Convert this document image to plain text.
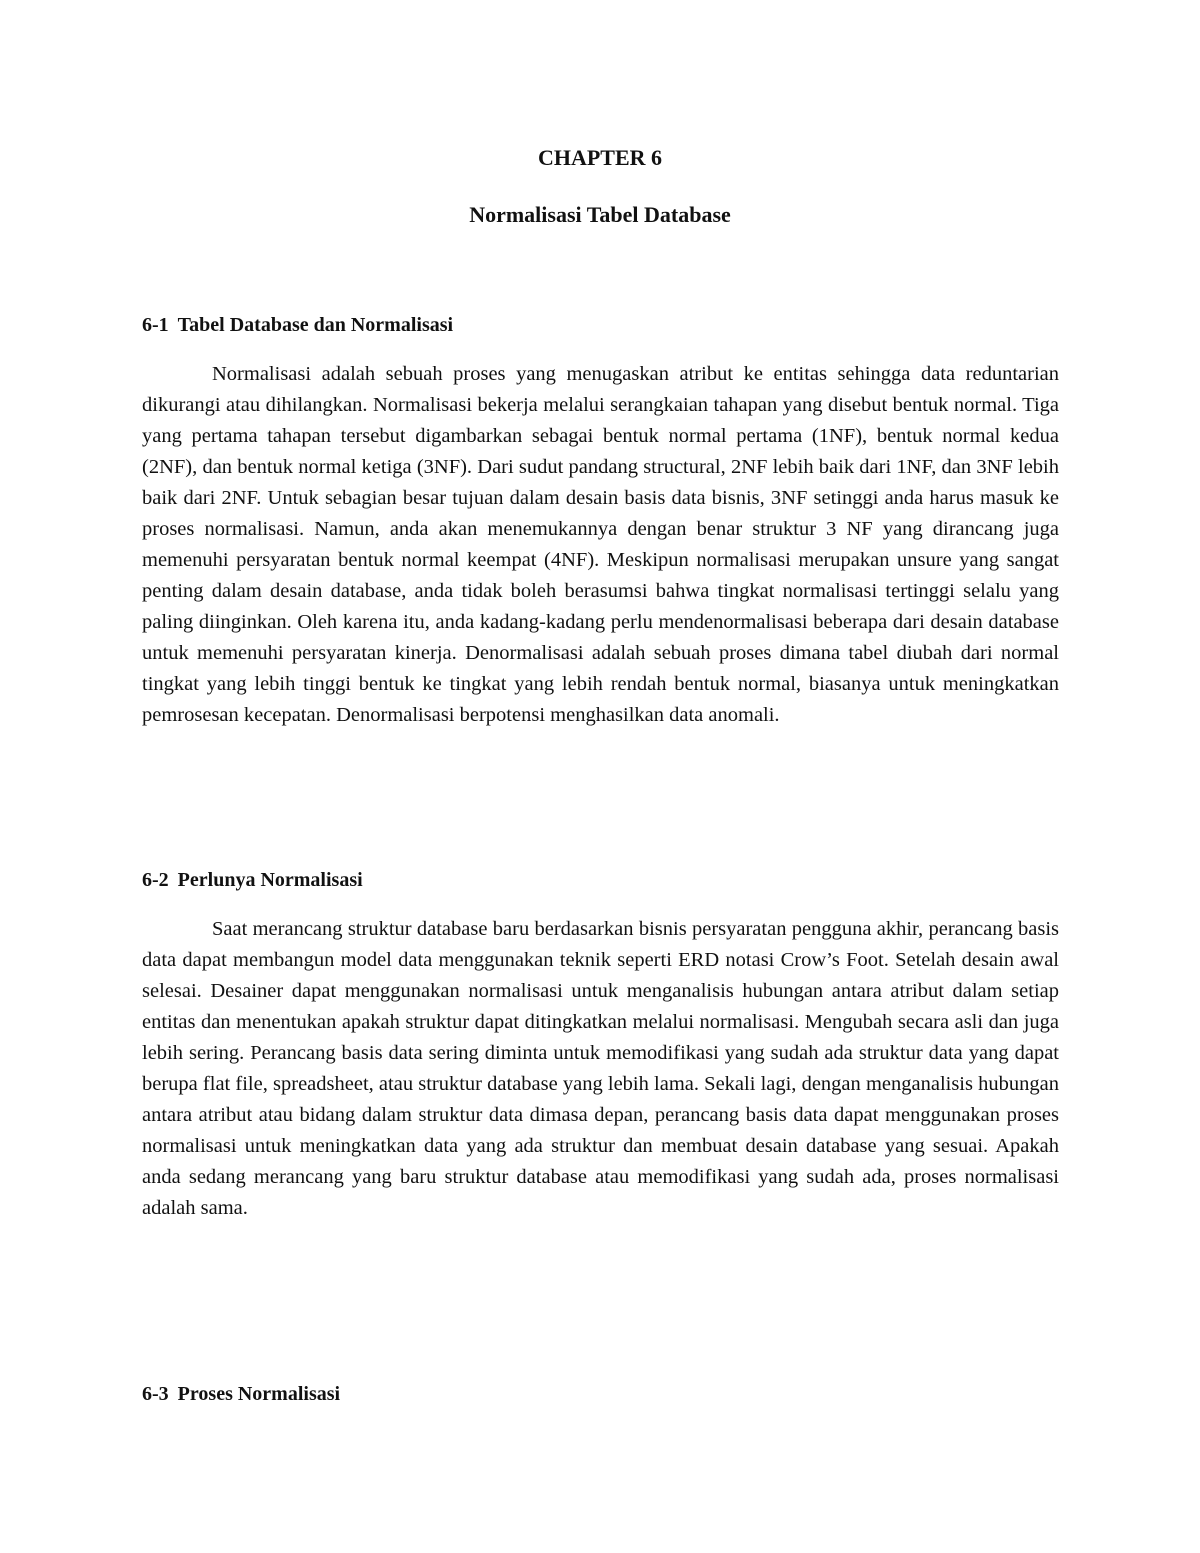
CHAPTER 6
Normalisasi Tabel Database
6-1 Tabel Database dan Normalisasi

Normalisasi adalah sebuah proses yang menugaskan atribut ke entitas sehingga data reduntarian dikurangi atau dihilangkan. Normalisasi bekerja melalui serangkaian tahapan yang disebut bentuk normal. Tiga yang pertama tahapan tersebut digambarkan sebagai bentuk normal pertama (1NF), bentuk normal kedua (2NF), dan bentuk normal ketiga (3NF). Dari sudut pandang structural, 2NF lebih baik dari 1NF, dan 3NF lebih baik dari 2NF. Untuk sebagian besar tujuan dalam desain basis data bisnis, 3NF setinggi anda harus masuk ke proses normalisasi. Namun, anda akan menemukannya dengan benar struktur 3 NF yang dirancang juga memenuhi persyaratan bentuk normal keempat (4NF). Meskipun normalisasi merupakan unsure yang sangat penting dalam desain database, anda tidak boleh berasumsi bahwa tingkat normalisasi tertinggi selalu yang paling diinginkan. Oleh karena itu, anda kadang-kadang perlu mendenormalisasi beberapa dari desain database untuk memenuhi persyaratan kinerja. Denormalisasi adalah sebuah proses dimana tabel diubah dari normal tingkat yang lebih tinggi bentuk ke tingkat yang lebih rendah bentuk normal, biasanya untuk meningkatkan pemrosesan kecepatan. Denormalisasi berpotensi menghasilkan data anomali.

6-2 Perlunya Normalisasi

Saat merancang struktur database baru berdasarkan bisnis persyaratan pengguna akhir, perancang basis data dapat membangun model data menggunakan teknik seperti ERD notasi Crow’s Foot. Setelah desain awal selesai. Desainer dapat menggunakan normalisasi untuk menganalisis hubungan antara atribut dalam setiap entitas dan menentukan apakah struktur dapat ditingkatkan melalui normalisasi. Mengubah secara asli dan juga lebih sering. Perancang basis data sering diminta untuk memodifikasi yang sudah ada struktur data yang dapat berupa flat file, spreadsheet, atau struktur database yang lebih lama. Sekali lagi, dengan menganalisis hubungan antara atribut atau bidang dalam struktur data dimasa depan, perancang basis data dapat menggunakan proses normalisasi untuk meningkatkan data yang ada struktur dan membuat desain database yang sesuai. Apakah anda sedang merancang yang baru struktur database atau memodifikasi yang sudah ada, proses normalisasi adalah sama.

6-3 Proses Normalisasi
